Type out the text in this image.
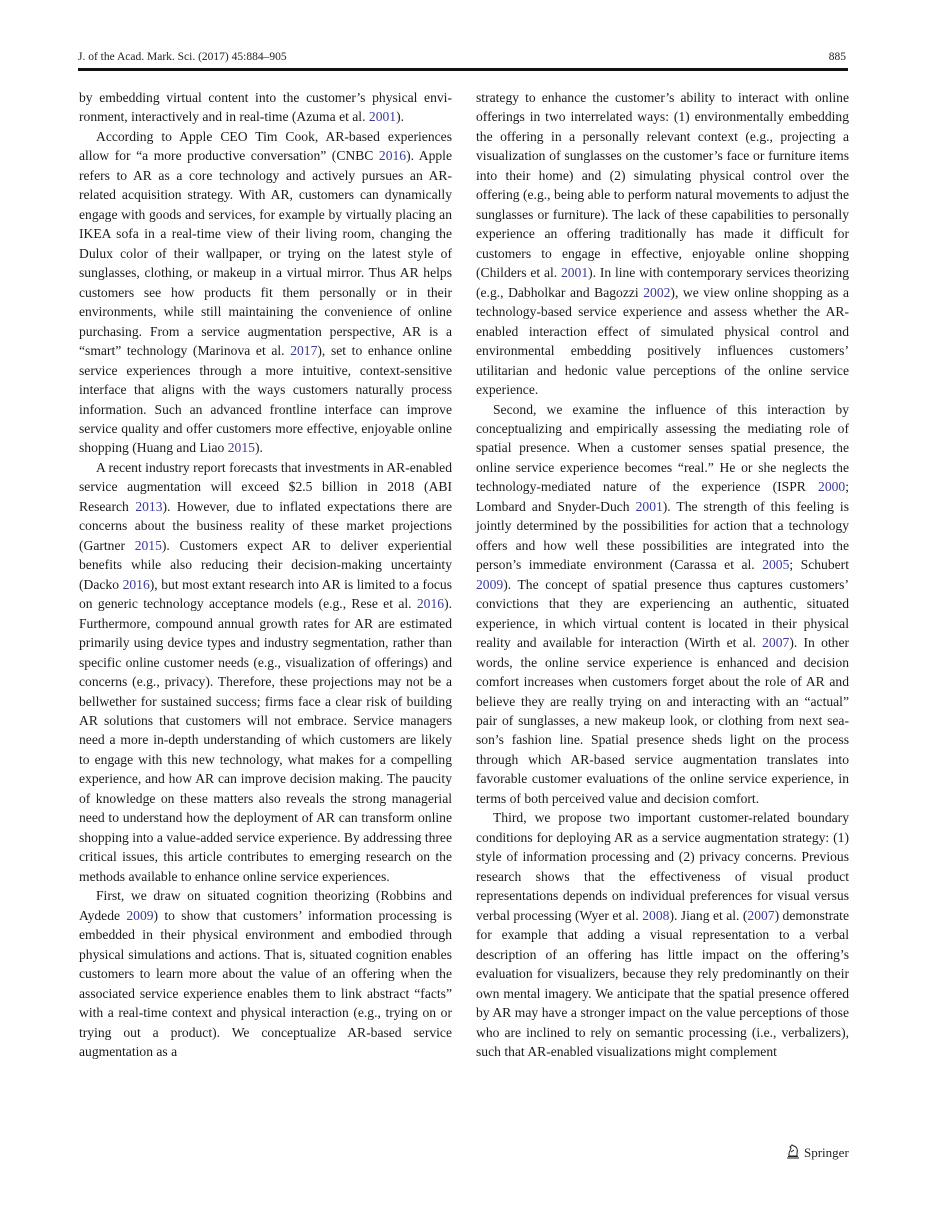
J. of the Acad. Mark. Sci. (2017) 45:884–905	885

by embedding virtual content into the customer’s physical environment, interactively and in real-time (Azuma et al. 2001).

According to Apple CEO Tim Cook, AR-based experiences allow for “a more productive conversation” (CNBC 2016). Apple refers to AR as a core technology and actively pursues an AR-related acquisition strategy. With AR, customers can dynamically engage with goods and services, for example by virtually placing an IKEA sofa in a real-time view of their living room, changing the Dulux color of their wallpaper, or trying on the latest style of sunglasses, clothing, or makeup in a virtual mirror. Thus AR helps customers see how products fit them personally or in their environments, while still maintaining the convenience of online purchasing. From a service augmentation perspective, AR is a “smart” technology (Marinova et al. 2017), set to enhance online service experiences through a more intuitive, context-sensitive interface that aligns with the ways customers naturally process information. Such an advanced frontline interface can improve service quality and offer customers more effective, enjoyable online shopping (Huang and Liao 2015).

A recent industry report forecasts that investments in AR-enabled service augmentation will exceed $2.5 billion in 2018 (ABI Research 2013). However, due to inflated expectations there are concerns about the business reality of these market projections (Gartner 2015). Customers expect AR to deliver experiential benefits while also reducing their decision-making uncertainty (Dacko 2016), but most extant research into AR is limited to a focus on generic technology acceptance models (e.g., Rese et al. 2016). Furthermore, compound annual growth rates for AR are estimated primarily using device types and industry segmentation, rather than specific online customer needs (e.g., visualization of offerings) and concerns (e.g., privacy). Therefore, these projections may not be a bellwether for sustained success; firms face a clear risk of building AR solutions that customers will not embrace. Service managers need a more in-depth understanding of which customers are likely to engage with this new technology, what makes for a compelling experience, and how AR can improve decision making. The paucity of knowledge on these matters also reveals the strong managerial need to understand how the deployment of AR can transform online shopping into a value-added service experience. By addressing three critical issues, this article contributes to emerging research on the methods available to enhance online service experiences.

First, we draw on situated cognition theorizing (Robbins and Aydede 2009) to show that customers’ information processing is embedded in their physical environment and embodied through physical simulations and actions. That is, situated cognition enables customers to learn more about the value of an offering when the associated service experience enables them to link abstract “facts” with a real-time context and physical interaction (e.g., trying on or trying out a product). We conceptualize AR-based service augmentation as a

strategy to enhance the customer’s ability to interact with online offerings in two interrelated ways: (1) environmentally embedding the offering in a personally relevant context (e.g., projecting a visualization of sunglasses on the customer’s face or furniture items into their home) and (2) simulating physical control over the offering (e.g., being able to perform natural movements to adjust the sunglasses or furniture). The lack of these capabilities to personally experience an offering traditionally has made it difficult for customers to engage in effective, enjoyable online shopping (Childers et al. 2001). In line with contemporary services theorizing (e.g., Dabholkar and Bagozzi 2002), we view online shopping as a technology-based service experience and assess whether the AR-enabled interaction effect of simulated physical control and environmental embedding positively influences customers’ utilitarian and hedonic value perceptions of the online service experience.

Second, we examine the influence of this interaction by conceptualizing and empirically assessing the mediating role of spatial presence. When a customer senses spatial presence, the online service experience becomes “real.” He or she neglects the technology-mediated nature of the experience (ISPR 2000; Lombard and Snyder-Duch 2001). The strength of this feeling is jointly determined by the possibilities for action that a technology offers and how well these possibilities are integrated into the person’s immediate environment (Carassa et al. 2005; Schubert 2009). The concept of spatial presence thus captures customers’ convictions that they are experiencing an authentic, situated experience, in which virtual content is located in their physical reality and available for interaction (Wirth et al. 2007). In other words, the online service experience is enhanced and decision comfort increases when customers forget about the role of AR and believe they are really trying on and interacting with an “actual” pair of sunglasses, a new makeup look, or clothing from next season’s fashion line. Spatial presence sheds light on the process through which AR-based service augmentation translates into favorable customer evaluations of the online service experience, in terms of both perceived value and decision comfort.

Third, we propose two important customer-related boundary conditions for deploying AR as a service augmentation strategy: (1) style of information processing and (2) privacy concerns. Previous research shows that the effectiveness of visual product representations depends on individual preferences for visual versus verbal processing (Wyer et al. 2008). Jiang et al. (2007) demonstrate for example that adding a visual representation to a verbal description of an offering has little impact on the offering’s evaluation for visualizers, because they rely predominantly on their own mental imagery. We anticipate that the spatial presence offered by AR may have a stronger impact on the value perceptions of those who are inclined to rely on semantic processing (i.e., verbalizers), such that AR-enabled visualizations might complement

Springer
